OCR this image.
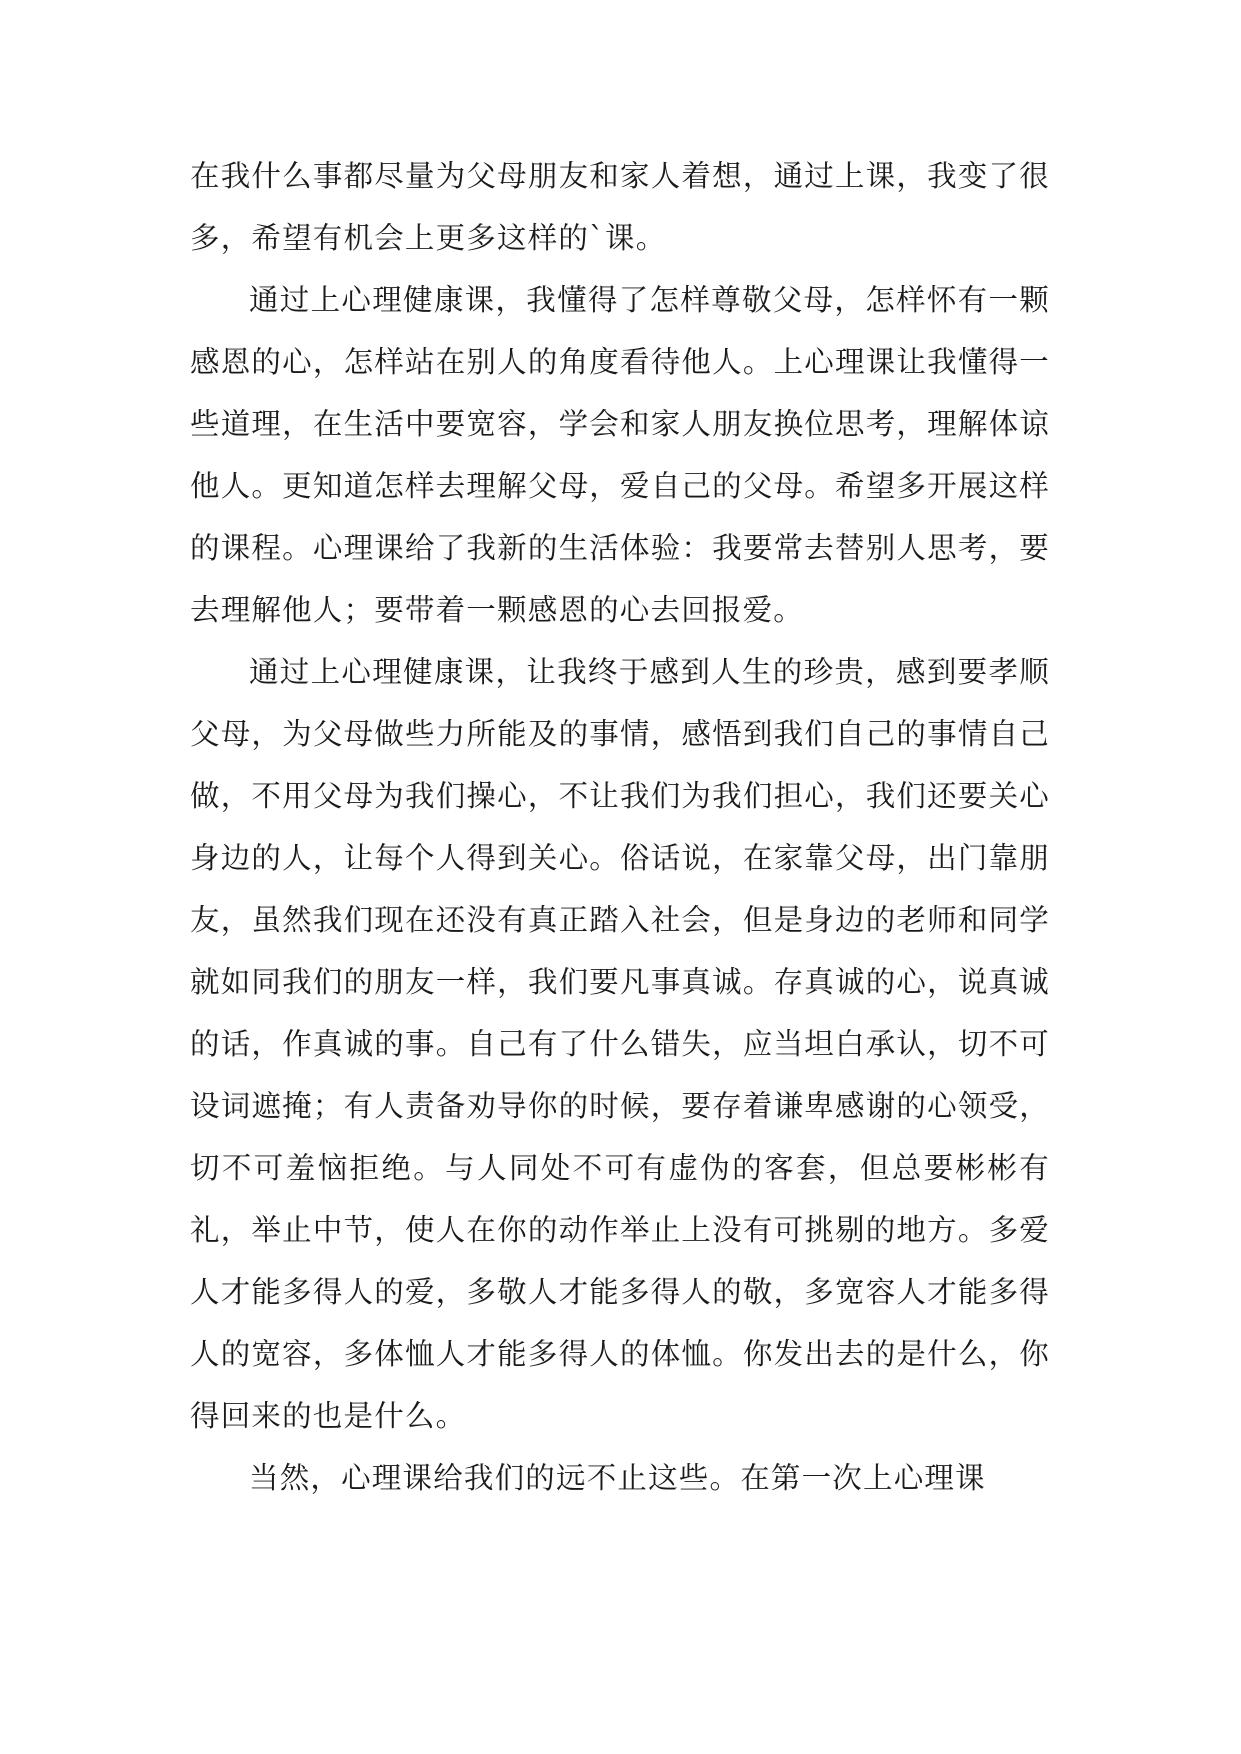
在我什么事都尽量为父母朋友和家人着想，通过上课，我变了很多，希望有机会上更多这样的`课。

通过上心理健康课，我懂得了怎样尊敬父母，怎样怀有一颗感恩的心，怎样站在别人的角度看待他人。上心理课让我懂得一些道理，在生活中要宽容，学会和家人朋友换位思考，理解体谅他人。更知道怎样去理解父母，爱自己的父母。希望多开展这样的课程。心理课给了我新的生活体验：我要常去替别人思考，要去理解他人；要带着一颗感恩的心去回报爱。

通过上心理健康课，让我终于感到人生的珍贵，感到要孝顺父母，为父母做些力所能及的事情，感悟到我们自己的事情自己做，不用父母为我们操心，不让我们为我们担心，我们还要关心身边的人，让每个人得到关心。俗话说，在家靠父母，出门靠朋友，虽然我们现在还没有真正踏入社会，但是身边的老师和同学就如同我们的朋友一样，我们要凡事真诚。存真诚的心，说真诚的话，作真诚的事。自己有了什么错失，应当坦白承认，切不可设词遮掩；有人责备劝导你的时候，要存着谦卑感谢的心领受，切不可羞恼拒绝。与人同处不可有虚伪的客套，但总要彬彬有礼，举止中节，使人在你的动作举止上没有可挑剔的地方。多爱人才能多得人的爱，多敬人才能多得人的敬，多宽容人才能多得人的宽容，多体恤人才能多得人的体恤。你发出去的是什么，你得回来的也是什么。

当然，心理课给我们的远不止这些。在第一次上心理课
